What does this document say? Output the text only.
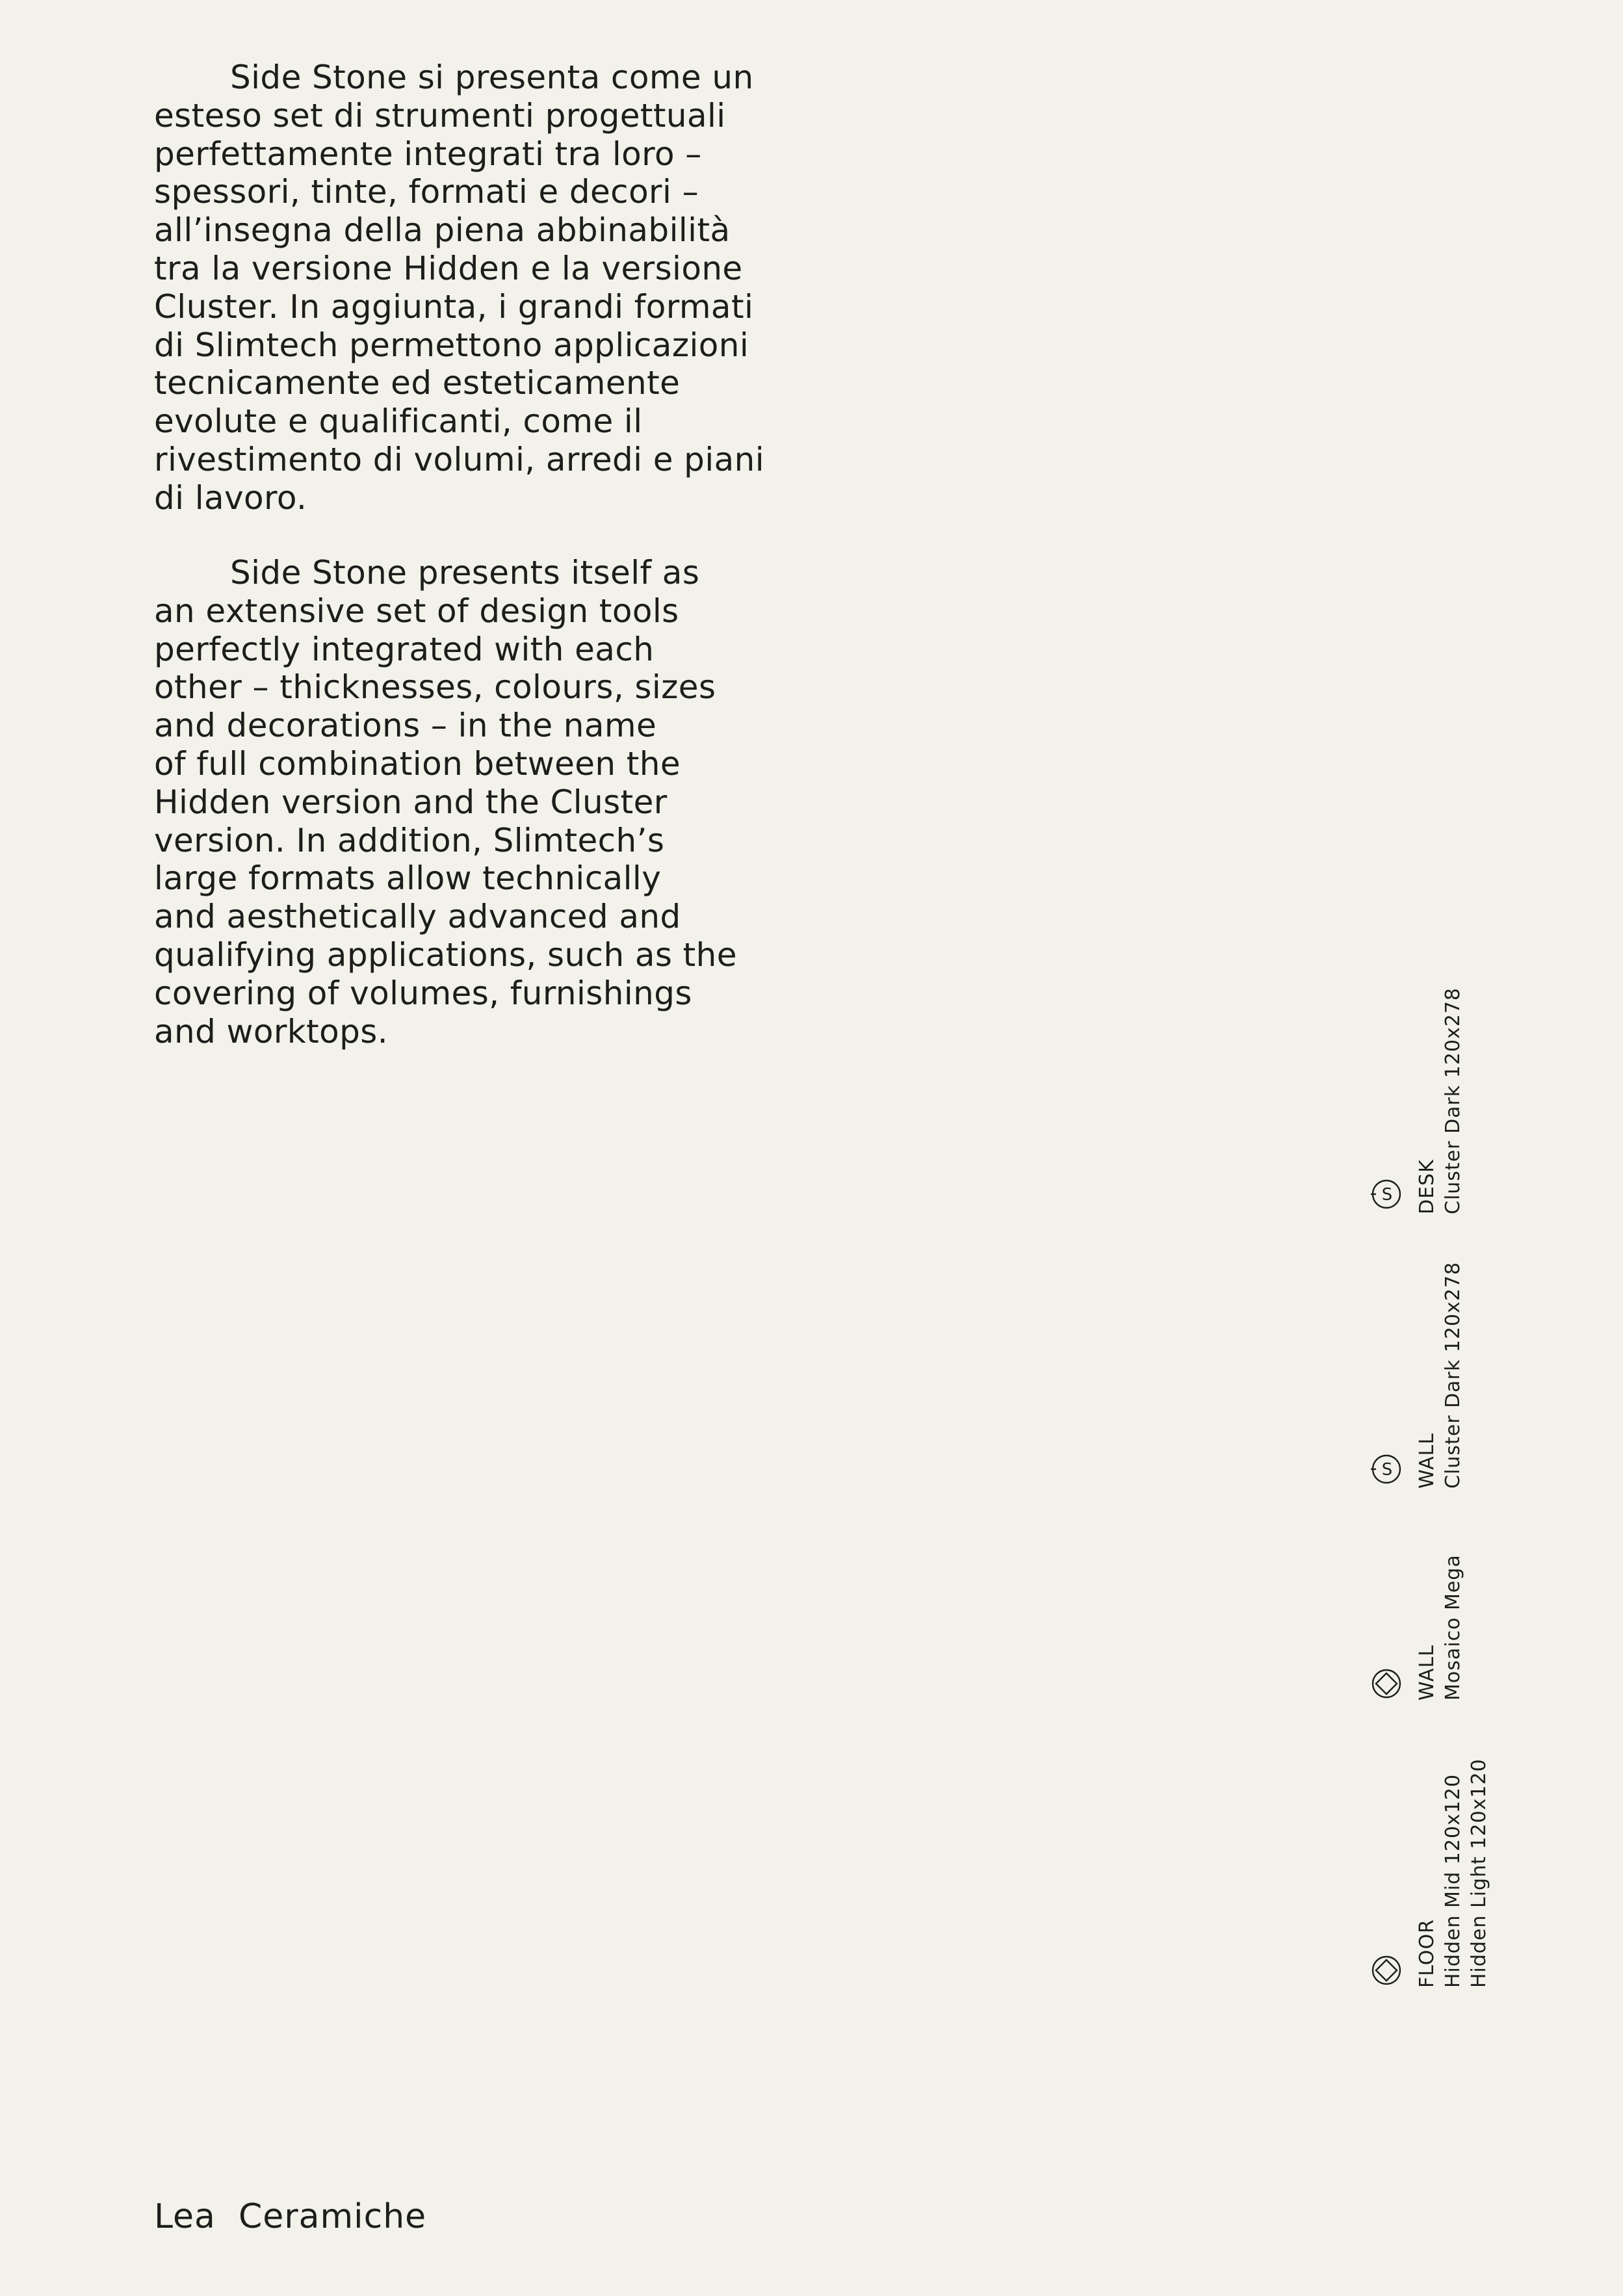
Side Stone si presenta come un
esteso set di strumenti progettuali
perfettamente integrati tra loro –
spessori, tinte, formati e decori –
all’insegna della piena abbinabilità
tra la versione Hidden e la versione
Cluster. In aggiunta, i grandi formati
di Slimtech permettono applicazioni
tecnicamente ed esteticamente
evolute e qualificanti, come il
rivestimento di volumi, arredi e piani
di lavoro.
Side Stone presents itself as
an extensive set of design tools
perfectly integrated with each
other – thicknesses, colours, sizes
and decorations – in the name
of full combination between the
Hidden version and the Cluster
version. In addition, Slimtech’s
large formats allow technically
and aesthetically advanced and
qualifying applications, such as the
covering of volumes, furnishings
and worktops.
S DESK Cluster Dark 120x278
S WALL Cluster Dark 120x278
WALL Mosaico Mega
FLOOR Hidden Mid 120x120 Hidden Light 120x120
Lea  Ceramiche
